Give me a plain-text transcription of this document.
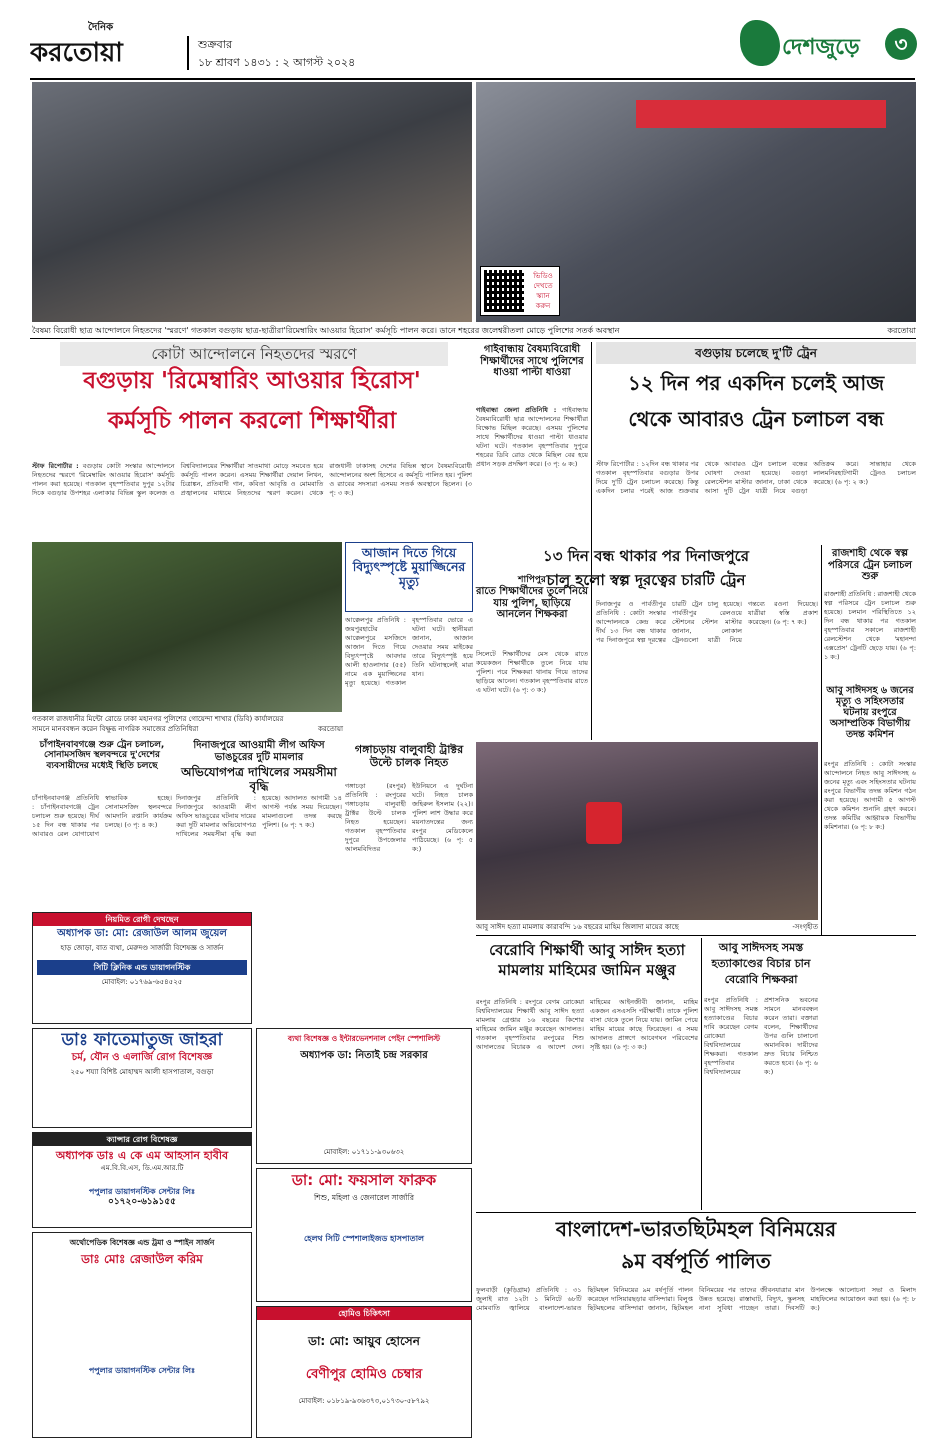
দৈনিক
করতোয়া	শুক্রবার
১৮ শ্রাবণ ১৪৩১ : ২ আগস্ট ২০২৪
দেশজুড়ে	৩
ভিডিও
দেখতে স্ক্যান
করুন
বৈষম্য বিরোধী ছাত্র আন্দোলনে নিহতদের 'স্মরণে' গতকাল বগুড়ায় ছাত্র-ছাত্রীরা'রিমেম্বারিং আওয়ার হিরোস' কর্মসূচি পালন করে। ডানে শহরের জলেশ্বরীতলা মোড়ে পুলিশের সতর্ক অবস্থান	করতোয়া
কোটা আন্দোলনে নিহতদের স্মরণে
বগুড়ায় 'রিমেম্বারিং আওয়ার হিরোস'
কর্মসূচি পালন করলো শিক্ষার্থীরা
স্টাফ রিপোর্টার : বগুড়ায় কোটা সংস্কার আন্দোলনে নিহতদের স্মরণে 'রিমেম্বারিং আওয়ার হিরোস' কর্মসূচি পালন করা হয়েছে। গতকাল বৃহস্পতিবার দুপুর ১২টার দিকে বগুড়ার উপশহর এলাকার বিভিন্ন স্কুল কলেজ ও বিশ্ববিদ্যালয়ের শিক্ষার্থীরা সাতমাথা মোড়ে সমবেত হয়ে কর্মসূচি পালন করেন। এসময় শিক্ষার্থীরা দেয়াল লিখন, চিত্রাঙ্কন, প্রতিবাদী গান, কবিতা আবৃত্তি ও মোমবাতি প্রজ্বালনের মাধ্যমে নিহতদের স্মরণ করেন। থেকে রাজধানী ঢাকাসহ দেশের বিভিন্ন স্থানে বৈষম্যবিরোধী আন্দোলনের অংশ হিসেবে এ কর্মসূচি পালিত হয়। পুলিশ ও র‌্যাবের সদস্যরা এসময় সতর্ক অবস্থানে ছিলেন। (৩ পৃ: ৩ ক:)
গতকাল রাজধানীর মিন্টো রোডে ঢাকা মহানগর পুলিশের গোয়েন্দা শাখার (ডিবি) কার্যালয়ের সামনে মানববন্ধন করেন বিক্ষুব্ধ নাগরিক সমাজের প্রতিনিধিরা	করতোয়া
আজান দিতে গিয়ে বিদ্যুৎস্পৃষ্টে মুয়াজ্জিনের মৃত্যু
আক্কেলপুর প্রতিনিধি : জয়পুরহাটের আক্কেলপুরে মসজিদে আজান দিতে গিয়ে বিদ্যুৎস্পৃষ্টে আবদার আলী হাওলাদার (৫৫) নামে এক মুয়াজ্জিনের মৃত্যু হয়েছে। গতকাল বৃহস্পতিবার ভোরে এ ঘটনা ঘটে। স্থানীয়রা জানান, আজান দেওয়ার সময় মাইকের তারে বিদ্যুৎস্পৃষ্ট হয়ে তিনি ঘটনাস্থলেই মারা যান।
গঙ্গাচড়ায় বালুবাহী ট্রাক্টর উল্টে চালক নিহত
গঙ্গাচড়া (রংপুর) প্রতিনিধি : রংপুরের গঙ্গাচড়ায় বালুবাহী ট্রাক্টর উল্টে চালক নিহত হয়েছেন। গতকাল বৃহস্পতিবার দুপুরে উপজেলার আলমবিদিতর ইউনিয়নে এ দুর্ঘটনা ঘটে। নিহত চালক জহিরুল ইসলাম (২২)। পুলিশ লাশ উদ্ধার করে ময়নাতদন্তের জন্য রংপুর মেডিকেলে পাঠিয়েছে। (৬ পৃ: ৫ ক:)
চাঁপাইনবাবগঞ্জে শুরু ট্রেন চলাচল, সোনামসজিদ স্থলবন্দরে দু'দেশের ব্যবসায়ীদের মধ্যেই স্থিতি চলছে
চাঁপাইনবাবগঞ্জ প্রতিনিধি : চাঁপাইনবাবগঞ্জে ট্রেন চলাচল শুরু হয়েছে। দীর্ঘ ১৫ দিন বন্ধ থাকার পর আবারও রেল যোগাযোগ স্বাভাবিক হচ্ছে। সোনামসজিদ স্থলবন্দরে আমদানি রপ্তানি কার্যক্রম চলছে। (৩ পৃ: ৪ ক:)
দিনাজপুরে আওয়ামী লীগ অফিস ভাঙচুরের দুটি মামলার
অভিযোগপত্র দাখিলের সময়সীমা বৃদ্ধি
দিনাজপুর প্রতিনিধি : দিনাজপুরে আওয়ামী লীগ অফিস ভাঙচুরের ঘটনায় দায়ের করা দুটি মামলার অভিযোগপত্র দাখিলের সময়সীমা বৃদ্ধি করা হয়েছে। আদালত আগামী ১৪ আগস্ট পর্যন্ত সময় দিয়েছেন। মামলাগুলো তদন্ত করছে পুলিশ। (৬ পৃ: ৭ ক:)
গাইবান্ধায় বৈষম্যবিরোধী শিক্ষার্থীদের সাথে পুলিশের ধাওয়া পাল্টা ধাওয়া
গাইবান্ধা জেলা প্রতিনিধি : গাইবান্ধায় বৈষম্যবিরোধী ছাত্র আন্দোলনের শিক্ষার্থীরা বিক্ষোভ মিছিল করেছে। এসময় পুলিশের সাথে শিক্ষার্থীদের ধাওয়া পাল্টা ধাওয়ার ঘটনা ঘটে। গতকাল বৃহস্পতিবার দুপুরে শহরের ডিবি রোড থেকে মিছিল বের হয়ে প্রধান সড়ক প্রদক্ষিণ করে। (৩ পৃ: ৬ ক:)
শাপিপুর
রাতে শিক্ষার্থীদের তুলে নিয়ে যায় পুলিশ, ছাড়িয়ে আনলেন শিক্ষকরা
সিলেটে শিক্ষার্থীদের মেস থেকে রাতে কয়েকজন শিক্ষার্থীকে তুলে নিয়ে যায় পুলিশ। পরে শিক্ষকরা থানায় গিয়ে তাদের ছাড়িয়ে আনেন। গতকাল বৃহস্পতিবার রাতে এ ঘটনা ঘটে। (৬ পৃ: ৩ ক:)
বগুড়ায় চলেছে দু'টি ট্রেন
১২ দিন পর একদিন চলেই আজ
থেকে আবারও ট্রেন চলাচল বন্ধ
স্টাফ রিপোর্টার : ১২দিন বন্ধ থাকার পর গতকাল বৃহস্পতিবার বগুড়ার উপর দিয়ে দু'টি ট্রেন চলাচল করেছে। কিন্তু একদিন চলার পরেই আজ শুক্রবার থেকে আবারও ট্রেন চলাচল বন্ধের ঘোষণা দেওয়া হয়েছে। বগুড়া রেলস্টেশন মাস্টার জানান, ঢাকা থেকে আসা দুটি ট্রেন যাত্রী নিয়ে বগুড়া অতিক্রম করে। সান্তাহার থেকে লালমনিরহাটগামী ট্রেনও চলাচল করেছে। (৬ পৃ: ২ ক:)
১৩ দিন বন্ধ থাকার পর দিনাজপুরে
চালু হলো স্বল্প দূরত্বের চারটি ট্রেন
দিনাজপুর ও পার্বতীপুর প্রতিনিধি : কোটা সংস্কার আন্দোলনকে কেন্দ্র করে দীর্ঘ ১৩ দিন বন্ধ থাকার পর দিনাজপুরে স্বল্প দূরত্বের চারটি ট্রেন চালু হয়েছে। পার্বতীপুর রেলওয়ে স্টেশনের স্টেশন মাস্টার জানান, লোকাল ট্রেনগুলো যাত্রী নিয়ে গন্তব্যে রওনা দিয়েছে। যাত্রীরা স্বস্তি প্রকাশ করেছেন। (৬ পৃ: ৭ ক:)
রাজশাহী থেকে স্বল্প পরিসরে ট্রেন চলাচল শুরু
রাজশাহী প্রতিনিধি : রাজশাহী থেকে স্বল্প পরিসরে ট্রেন চলাচল শুরু হয়েছে। চলমান পরিস্থিতিতে ১২ দিন বন্ধ থাকার পর গতকাল বৃহস্পতিবার সকালে রাজশাহী রেলস্টেশন থেকে 'মহানন্দা এক্সপ্রেস' ট্রেনটি ছেড়ে যায়। (৬ পৃ: ১ ক:)
আবু সাঈদসহ ৬ জনের মৃত্যু ও সহিংসতার ঘটনায় রংপুরে অসাম্প্রতিক বিভাগীয় তদন্ত কমিশন
রংপুর প্রতিনিধি : কোটা সংস্কার আন্দোলনে নিহত আবু সাঈদসহ ৬ জনের মৃত্যু এবং সহিংসতার ঘটনায় রংপুরে বিভাগীয় তদন্ত কমিশন গঠন করা হয়েছে। আগামী ৫ আগস্ট থেকে কমিশন শুনানি গ্রহণ করবে। তদন্ত কমিটির আহ্বায়ক বিভাগীয় কমিশনার। (৬ পৃ: ৮ ক:)
আবু সাঈদ হত্যা মামলায় কারাবন্দি ১৬ বছরের মাহিম জিলাদা মায়ের কাছে	-সংগৃহীত
বেরোবি শিক্ষার্থী আবু সাঈদ হত্যা
মামলায় মাহিমের জামিন মঞ্জুর
রংপুর প্রতিনিধি : রংপুরে বেগম রোকেয়া বিশ্ববিদ্যালয়ের শিক্ষার্থী আবু সাঈদ হত্যা মামলায় গ্রেপ্তার ১৬ বছরের কিশোর মাহিমের জামিন মঞ্জুর করেছেন আদালত। গতকাল বৃহস্পতিবার রংপুরের শিশু আদালতের বিচারক এ আদেশ দেন। মাহিমের আইনজীবী জানান, মাহিম একজন এসএসসি পরীক্ষার্থী। তাকে পুলিশ বাসা থেকে তুলে নিয়ে যায়। জামিন পেয়ে মাহিম মায়ের কাছে ফিরেছেন। এ সময় আদালত প্রাঙ্গণে আবেগঘন পরিবেশের সৃষ্টি হয়। (৬ পৃ: ৩ ক:)
আবু সাঈদসহ সমস্ত
হত্যাকাণ্ডের বিচার চান
বেরোবি শিক্ষকরা
রংপুর প্রতিনিধি : আবু সাঈদসহ সমস্ত হত্যাকাণ্ডের বিচার দাবি করেছেন বেগম রোকেয়া বিশ্ববিদ্যালয়ের শিক্ষকরা। গতকাল বৃহস্পতিবার বিশ্ববিদ্যালয়ের প্রশাসনিক ভবনের সামনে মানববন্ধন করেন তারা। বক্তারা বলেন, শিক্ষার্থীদের উপর গুলি চালানো অমানবিক। দায়ীদের দ্রুত বিচার নিশ্চিত করতে হবে। (৬ পৃ: ৬ ক:)
বাংলাদেশ-ভারতছিটমহল বিনিময়ের
৯ম বর্ষপূর্তি পালিত
ফুলবাড়ী (কুড়িগ্রাম) প্রতিনিধি : ৩১ জুলাই রাত ১২টা ১ মিনিটে ৬৮টি মোমবাতি জ্বালিয়ে বাংলাদেশ-ভারত ছিটমহল বিনিময়ের ৯ম বর্ষপূর্তি পালন করেছেন দাসিয়ারছড়ার বাসিন্দারা। বিলুপ্ত ছিটমহলের বাসিন্দারা জানান, ছিটমহল বিনিময়ের পর তাদের জীবনযাত্রার মান উন্নত হয়েছে। রাস্তাঘাট, বিদ্যুৎ, স্কুলসহ নানা সুবিধা পাচ্ছেন তারা। দিবসটি উপলক্ষে আলোচনা সভা ও মিলাদ মাহফিলের আয়োজন করা হয়। (৬ পৃ: ৮ ক:)
নিয়মিত রোগী দেখছেন
অধ্যাপক ডা: মো: রেজাউল আলম জুয়েল
হাড় জোড়া, বাত ব্যথা, মেরুদণ্ড সার্জারী বিশেষজ্ঞ ও সার্জন
সিটি ক্লিনিক এন্ড ডায়াগনস্টিক
মোবাইল: ০১৭৬৯-৬৫৪৫২৫
ডাঃ ফাতেমাতুজ জাহরা
চর্ম, যৌন ও এলার্জি রোগ বিশেষজ্ঞ
২৫০ শয্যা বিশিষ্ট মোহাম্মদ আলী হাসপাতাল, বগুড়া
ক্যান্সার রোগ বিশেষজ্ঞ
অধ্যাপক ডাঃ এ কে এম আহসান হাবীব
এম.বি.বি.এস, ডি.এম.আর.টি
পপুলার ডায়াগনস্টিক সেন্টার লিঃ
০১৭২০-৬১৯১৫৫
অর্থোপেডিক বিশেষজ্ঞ এন্ড ট্রমা ও স্পাইন সার্জন
ডাঃ মোঃ রেজাউল করিম
পপুলার ডায়াগনস্টিক সেন্টার লিঃ
ব্যথা বিশেষজ্ঞ ও ইন্টারভেনশনাল পেইন স্পেশালিস্ট
অধ্যাপক ডা: নিতাই চন্দ্র সরকার
মোবাইল: ০১৭১১-৯৩০৬৩২
ডা: মো: ফয়সাল ফারুক
শিশু, মহিলা ও জেনারেল সার্জারি
হেলথ সিটি স্পেশালাইজড হাসপাতাল
হোমিও চিকিৎসা
ডা: মো: আয়ুব হোসেন
বেণীপুর হোমিও চেম্বার
মোবাইল: ০১৮১৯-৯৩৬৩৭৩,০১৭৩০-৫৮৭৯২
